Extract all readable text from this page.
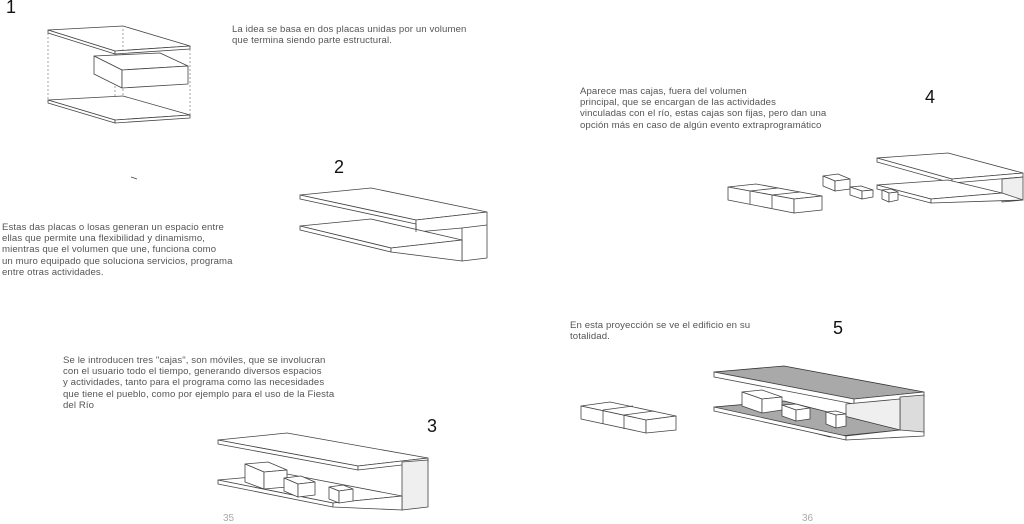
1
2
3
4
5
La idea se basa en dos placas unidas por un volumen
que termina siendo parte estructural.
Estas das placas o losas generan un espacio entre
ellas que permite una flexibilidad y dinamismo,
mientras que el volumen que une, funciona como
un muro equipado que soluciona servicios, programa
entre otras actividades.
Se le introducen tres "cajas", son móviles, que se involucran
con el usuario todo el tiempo, generando diversos espacios
y actividades, tanto para el programa como las necesidades
que tiene el pueblo, como por ejemplo para el uso de la Fiesta
del Río
Aparece mas cajas, fuera del volumen
principal, que se encargan de las actividades
vinculadas con el río, estas cajas son fijas, pero dan una
opción más en caso de algún evento extraprogramático
En esta proyección se ve el edificio en su
totalidad.
35	36
